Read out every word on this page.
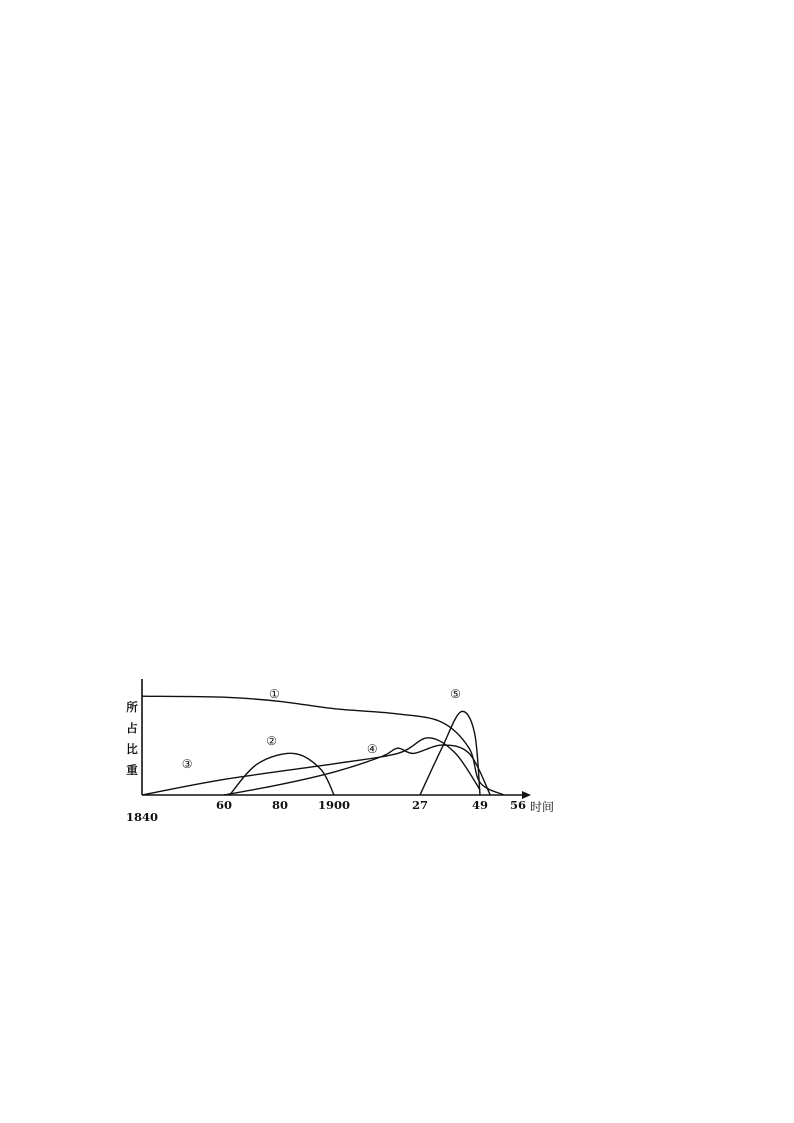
所
占
比
重
时间
1840
60	80	1900	27	49 56
①
②
③
④
⑤
